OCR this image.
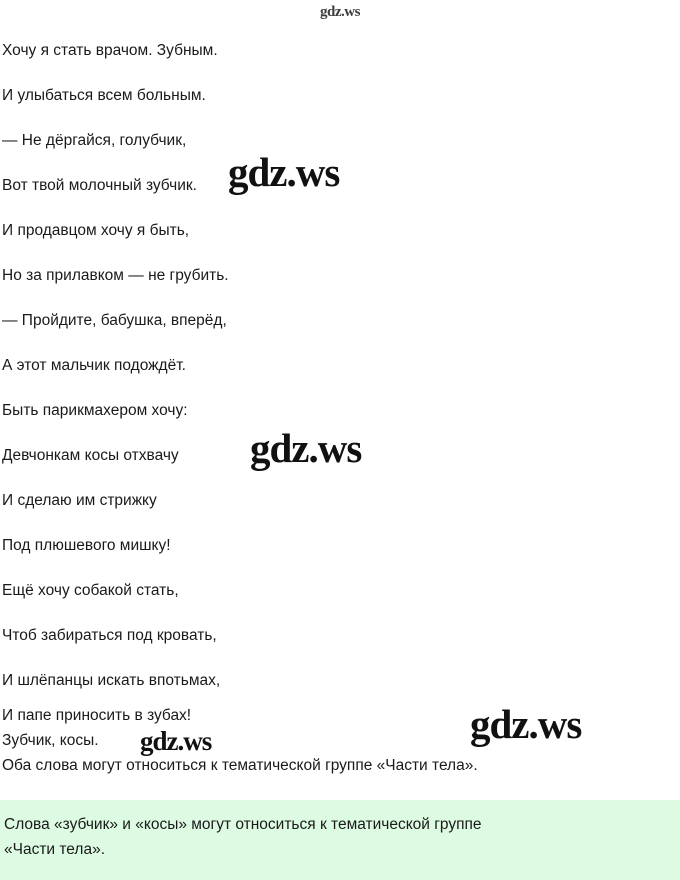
gdz.ws

Хочу я стать врачом. Зубным.

И улыбаться всем больным.

— Не дёргайся, голубчик,

Вот твой молочный зубчик.

И продавцом хочу я быть,

Но за прилавком — не грубить.

— Пройдите, бабушка, вперёд,

А этот мальчик подождёт.

Быть парикмахером хочу:

Девчонкам косы отхвачу

И сделаю им стрижку

Под плюшевого мишку!

Ещё хочу собакой стать,

Чтоб забираться под кровать,

И шлёпанцы искать впотьмах,

И папе приносить в зубах!

Зубчик, косы.

Оба слова могут относиться к тематической группе «Части тела».

Слова «зубчик» и «косы» могут относиться к тематической группе

«Части тела».

gdz.ws
gdz.ws
gdz.ws
gdz.ws
